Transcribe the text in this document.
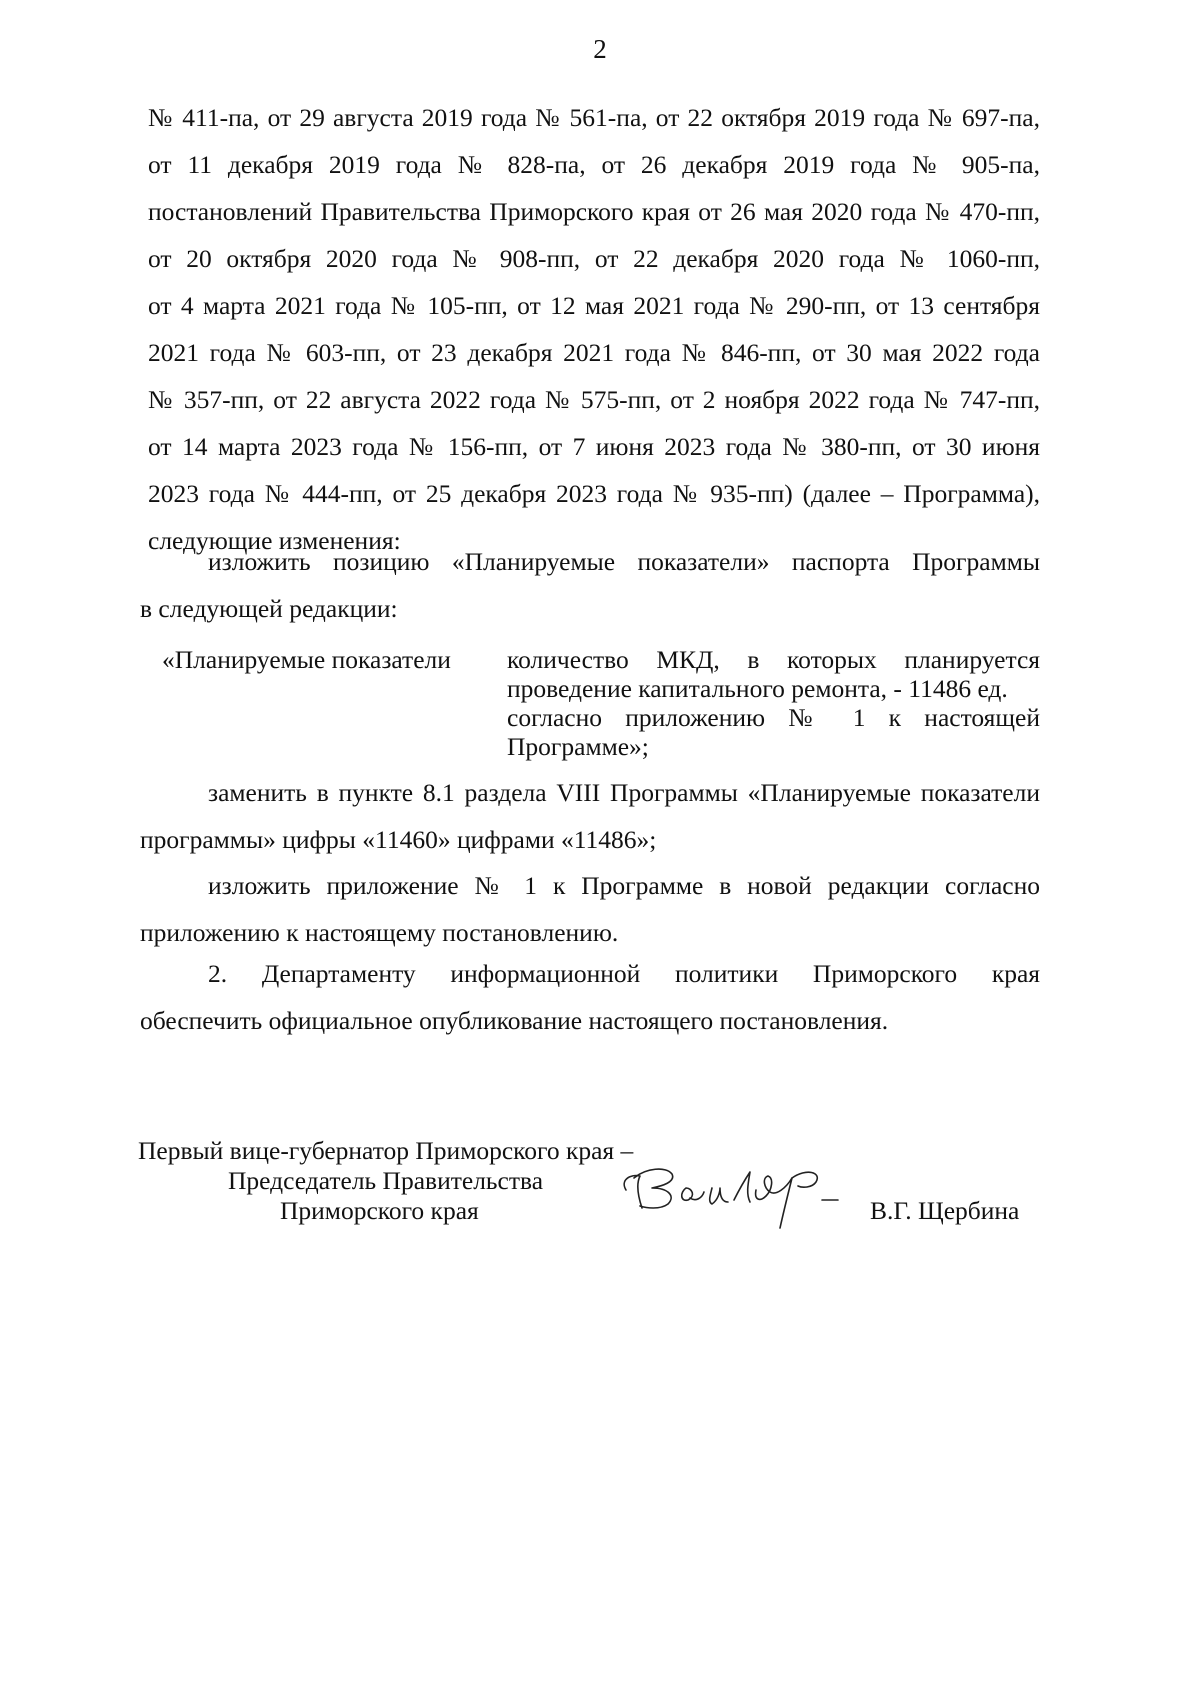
2
№ 411-па, от 29 августа 2019 года № 561-па, от 22 октября 2019 года № 697-па,
от 11 декабря 2019 года № 828-па, от 26 декабря 2019 года № 905-па,
постановлений Правительства Приморского края от 26 мая 2020 года № 470-пп,
от 20 октября 2020 года № 908-пп, от 22 декабря 2020 года № 1060-пп,
от 4 марта 2021 года № 105-пп, от 12 мая 2021 года № 290-пп, от 13 сентября
2021 года № 603-пп, от 23 декабря 2021 года № 846-пп, от 30 мая 2022 года
№ 357-пп, от 22 августа 2022 года № 575-пп, от 2 ноября 2022 года № 747-пп,
от 14 марта 2023 года № 156-пп, от 7 июня 2023 года № 380-пп, от 30 июня
2023 года № 444-пп, от 25 декабря 2023 года № 935-пп) (далее – Программа),
следующие изменения:
изложить позицию «Планируемые показатели» паспорта Программы
в следующей редакции:
«Планируемые показатели количество МКД, в которых планируется
проведение капитального ремонта, - 11486 ед.
согласно приложению № 1 к настоящей
Программе»;
заменить в пункте 8.1 раздела VIII Программы «Планируемые показатели
программы» цифры «11460» цифрами «11486»;
изложить приложение № 1 к Программе в новой редакции согласно
приложению к настоящему постановлению.
2. Департаменту информационной политики Приморского края
обеспечить официальное опубликование настоящего постановления.
Первый вице-губернатор Приморского края –
Председатель Правительства
Приморского края	В.Г. Щербина
